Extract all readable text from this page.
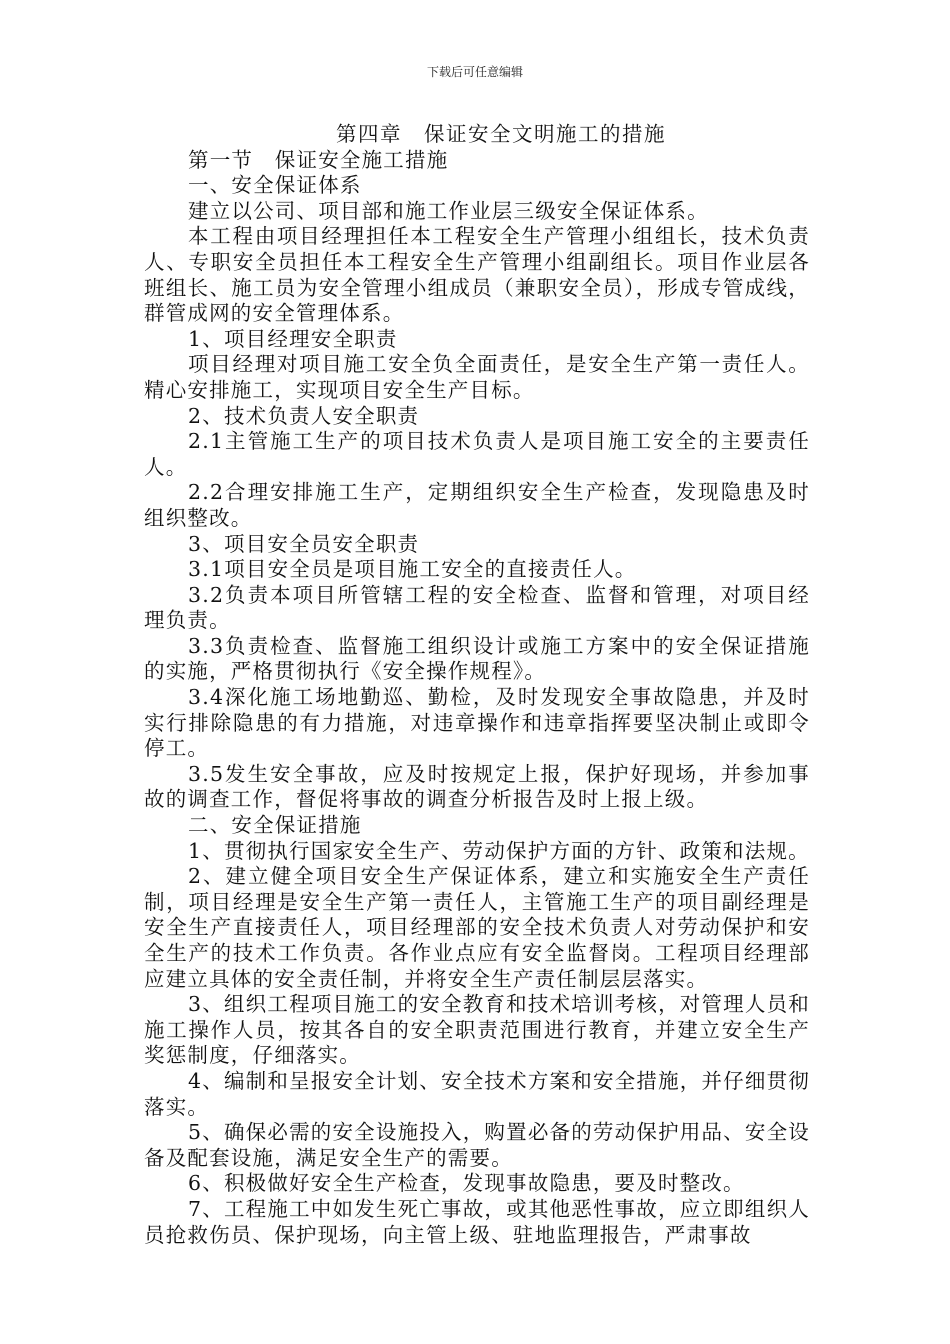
下载后可任意编辑

第四章　保证安全文明施工的措施

第一节　保证安全施工措施

一、安全保证体系

建立以公司、项目部和施工作业层三级安全保证体系。

本工程由项目经理担任本工程安全生产管理小组组长，技术负责人、专职安全员担任本工程安全生产管理小组副组长。项目作业层各班组长、施工员为安全管理小组成员（兼职安全员），形成专管成线，群管成网的安全管理体系。

1、项目经理安全职责

项目经理对项目施工安全负全面责任，是安全生产第一责任人。精心安排施工，实现项目安全生产目标。

2、技术负责人安全职责

2.1主管施工生产的项目技术负责人是项目施工安全的主要责任人。

2.2合理安排施工生产，定期组织安全生产检查，发现隐患及时组织整改。

3、项目安全员安全职责

3.1项目安全员是项目施工安全的直接责任人。

3.2负责本项目所管辖工程的安全检查、监督和管理，对项目经理负责。

3.3负责检查、监督施工组织设计或施工方案中的安全保证措施的实施，严格贯彻执行《安全操作规程》。

3.4深化施工场地勤巡、勤检，及时发现安全事故隐患，并及时实行排除隐患的有力措施，对违章操作和违章指挥要坚决制止或即令停工。

3.5发生安全事故，应及时按规定上报，保护好现场，并参加事故的调查工作，督促将事故的调查分析报告及时上报上级。

二、安全保证措施

1、贯彻执行国家安全生产、劳动保护方面的方针、政策和法规。

2、建立健全项目安全生产保证体系，建立和实施安全生产责任制，项目经理是安全生产第一责任人，主管施工生产的项目副经理是安全生产直接责任人，项目经理部的安全技术负责人对劳动保护和安全生产的技术工作负责。各作业点应有安全监督岗。工程项目经理部应建立具体的安全责任制，并将安全生产责任制层层落实。

3、组织工程项目施工的安全教育和技术培训考核，对管理人员和施工操作人员，按其各自的安全职责范围进行教育，并建立安全生产奖惩制度，仔细落实。

4、编制和呈报安全计划、安全技术方案和安全措施，并仔细贯彻落实。

5、确保必需的安全设施投入，购置必备的劳动保护用品、安全设备及配套设施，满足安全生产的需要。

6、积极做好安全生产检查，发现事故隐患，要及时整改。

7、工程施工中如发生死亡事故，或其他恶性事故，应立即组织人员抢救伤员、保护现场，向主管上级、驻地监理报告，严肃事故
